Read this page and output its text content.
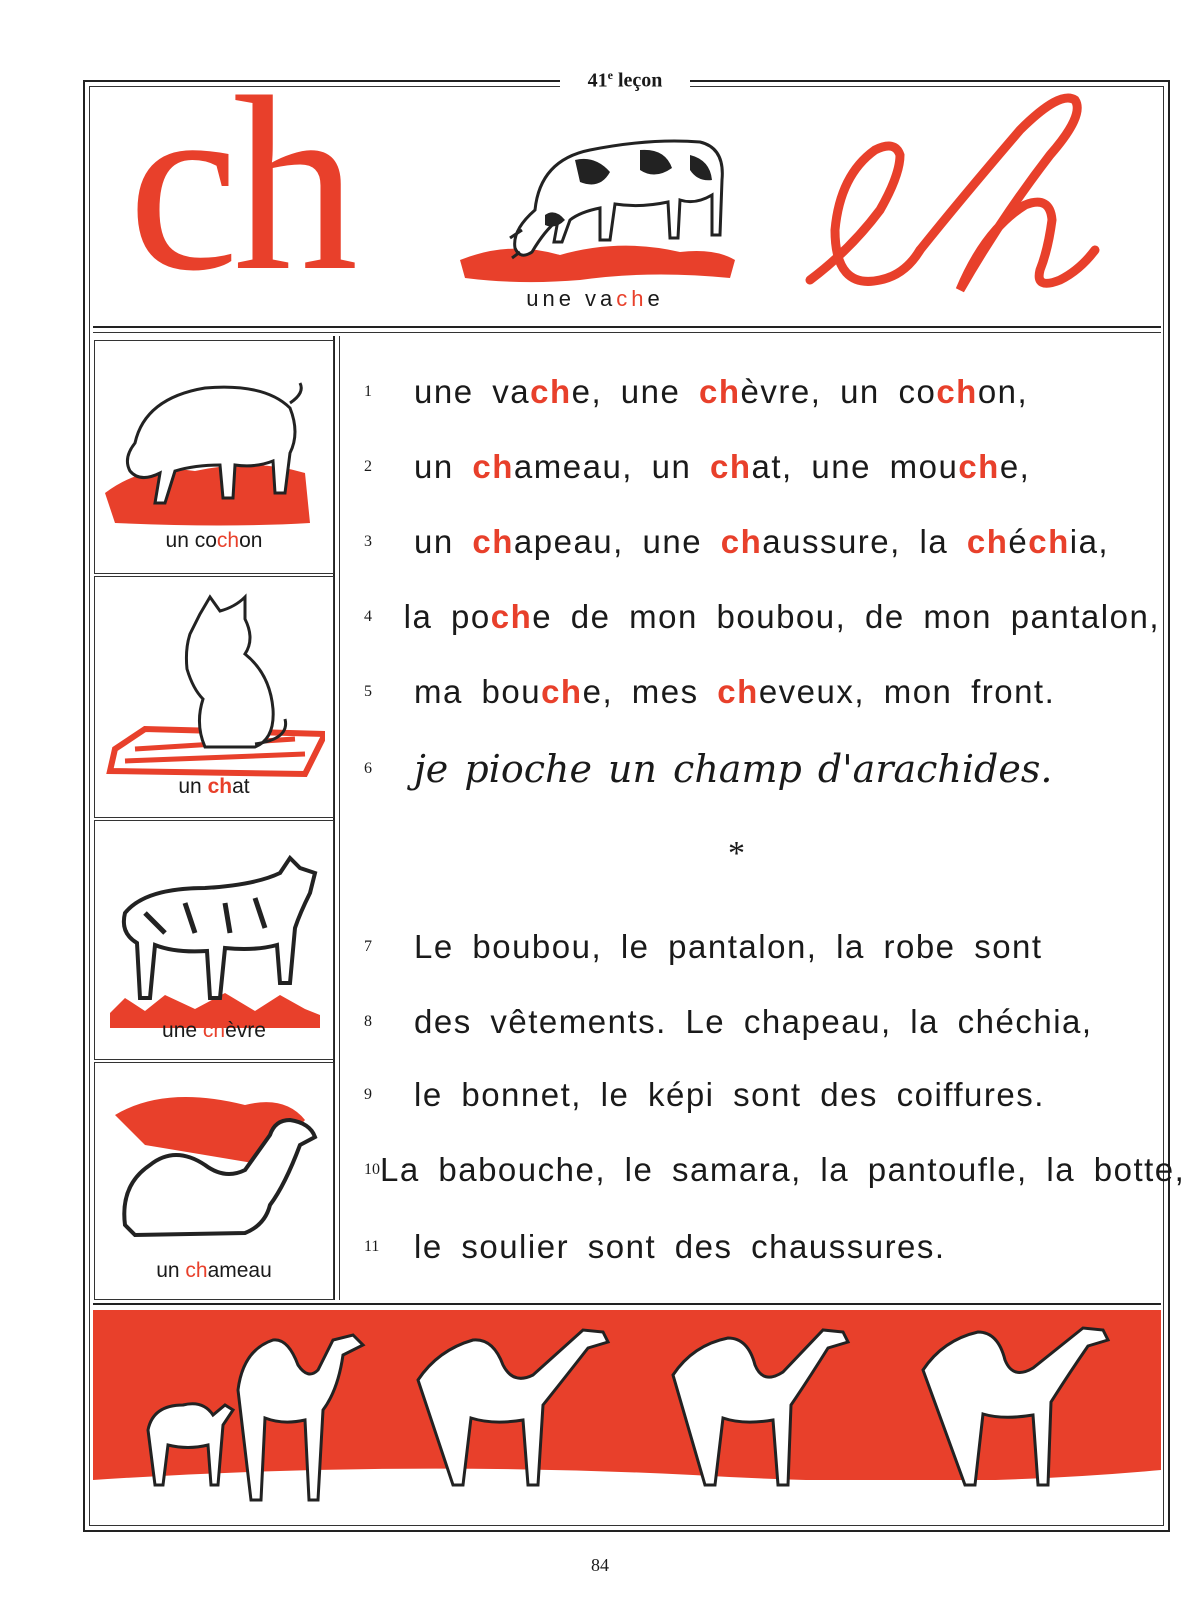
41e leçon
ch	une vache
un cochon
un chat
une chèvre
un chameau
1	une vache, une chèvre, un cochon,
2	un chameau, un chat, une mouche,
3	un chapeau, une chaussure, la chéchia,
4 la poche de mon boubou, de mon pantalon,
5	ma bouche, mes cheveux, mon front.
6	je pioche un champ d'arachides.
7	Le boubou, le pantalon, la robe sont
8	des vêtements. Le chapeau, la chéchia,
9	le bonnet, le képi sont des coiffures.
10 La babouche, le samara, la pantoufle, la botte,
11	le soulier sont des chaussures.
*
84
